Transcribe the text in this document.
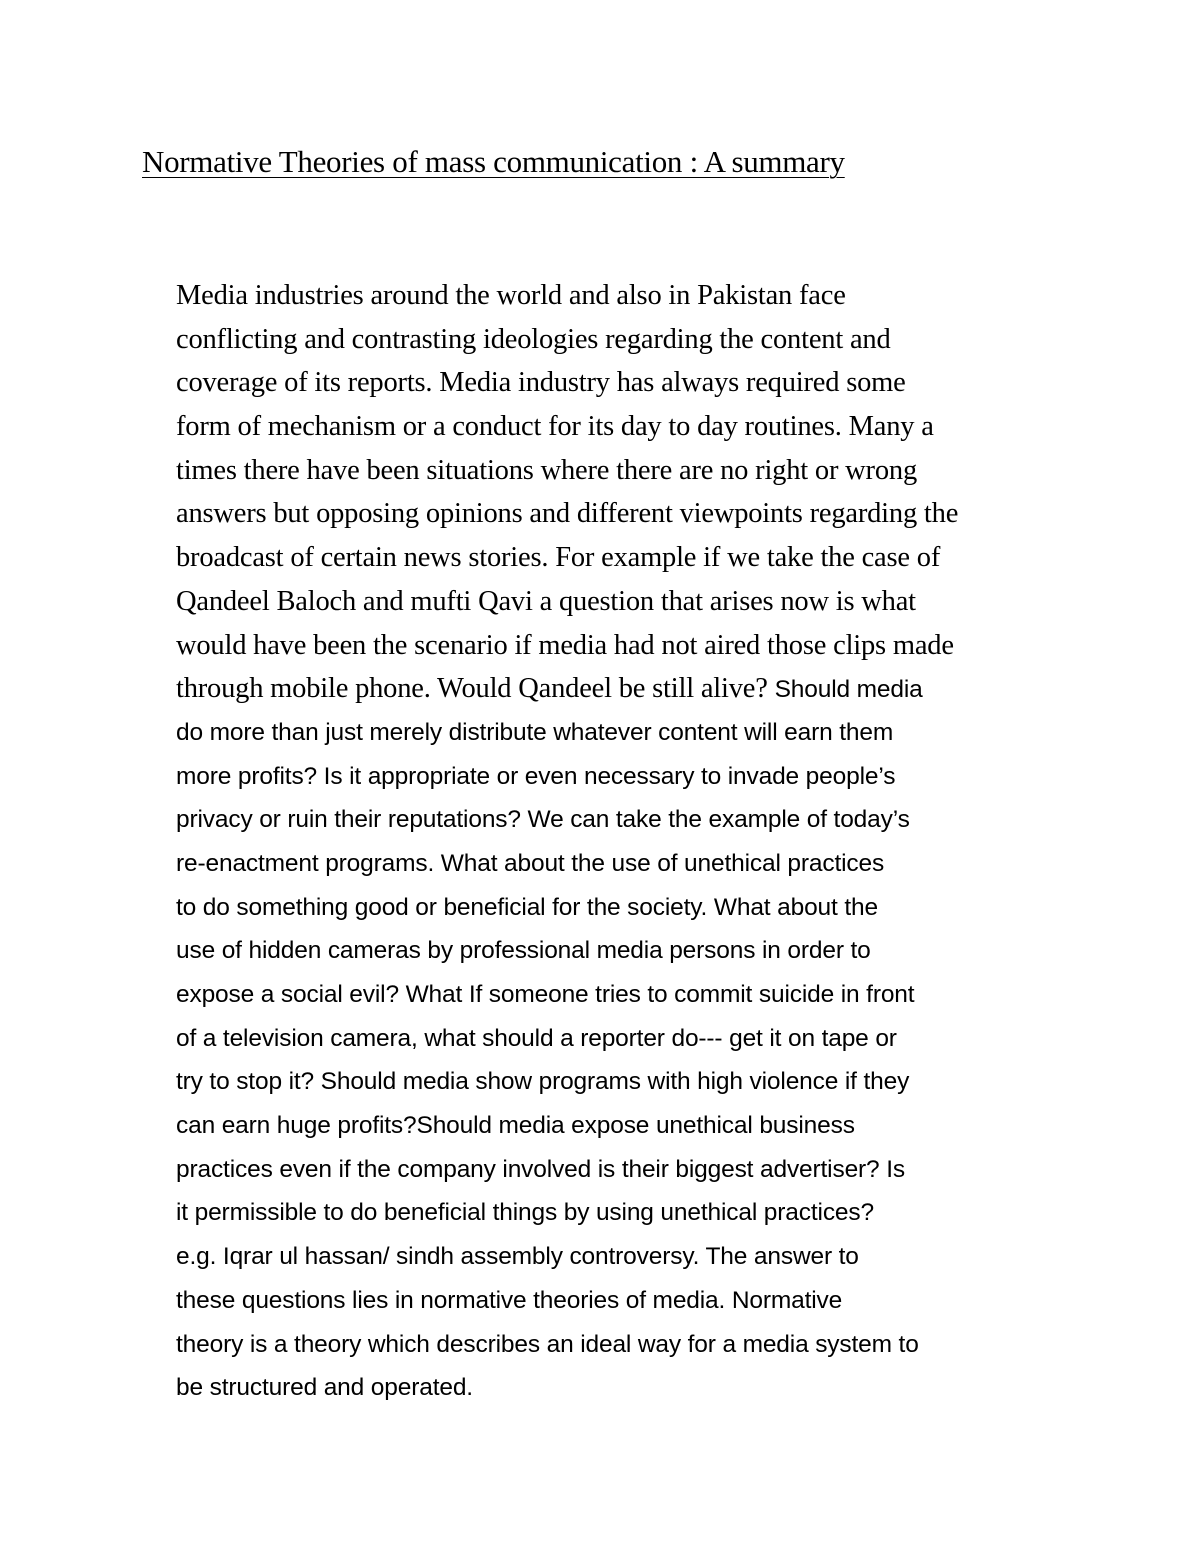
Normative Theories of mass communication : A summary
Media industries around the world and also in Pakistan face
conflicting and contrasting ideologies regarding the content and
coverage of its reports. Media industry has always required some
form of mechanism or a conduct for its day to day routines. Many a
times there have been situations where there are no right or wrong
answers but opposing opinions and different viewpoints regarding the
broadcast of certain news stories. For example if we take the case of
Qandeel Baloch and mufti Qavi a question that arises now is what
would have been the scenario if media had not aired those clips made
through mobile phone. Would Qandeel be still alive? Should media
do more than just merely distribute whatever content will earn them
more profits? Is it appropriate or even necessary to invade people’s
privacy or ruin their reputations? We can take the example of today’s
re-enactment programs. What about the use of unethical practices
to do something good or beneficial for the society. What about the
use of hidden cameras by professional media persons in order to
expose a social evil? What If someone tries to commit suicide in front
of a television camera, what should a reporter do--- get it on tape or
try to stop it? Should media show programs with high violence if they
can earn huge profits?Should media expose unethical business
practices even if the company involved is their biggest advertiser? Is
it permissible to do beneficial things by using unethical practices?
e.g. Iqrar ul hassan/ sindh assembly controversy. The answer to
these questions lies in normative theories of media. Normative
theory is a theory which describes an ideal way for a media system to
be structured and operated.
